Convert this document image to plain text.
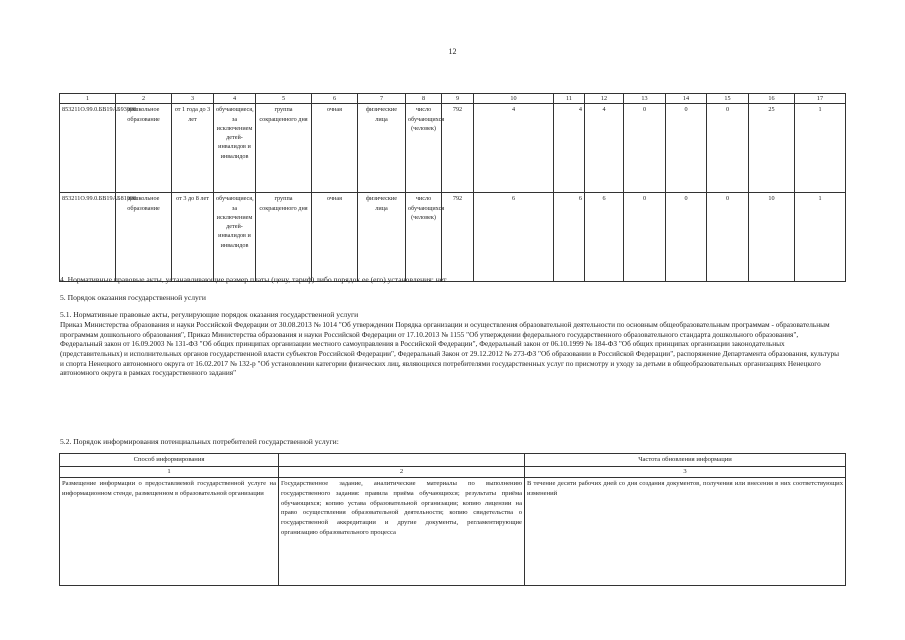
12
1	2	3	4	5	6	7	8	9	10	11	12	13	14	15	16	17
853211О.99.0.БВ19АБ93000	дошкольное образование	от 1 года до 3 лет	обучающиеся, за исключением детей-инвалидов и инвалидов	группа сокращенного дня	очная	физические лица	число обучающихся (человек)	792	4	4	4	0	0	0	25	1
853211О.99.0.БВ19АБ81000	дошкольное образование	от 3 до 8 лет	обучающиеся, за исключением детей-инвалидов и инвалидов	группа сокращенного дня	очная	физические лица	число обучающихся (человек)	792	6	6	6	0	0	0	10	1
4. Нормативные правовые акты, устанавливающие размер платы (цену, тариф) либо порядок ее (его) установления: нет
5. Порядок оказания государственной услуги
5.1. Нормативные правовые акты, регулирующие порядок оказания государственной услуги
Приказ Министерства образования и науки Российской Федерации от 30.08.2013 № 1014 "Об утверждении Порядка организации и осуществления образовательной деятельности по основным общеобразовательным программам - образовательным программам дошкольного образования", Приказ Министерства образования и науки Российской Федерации от 17.10.2013 № 1155 "Об утверждении федерального государственного образовательного стандарта дошкольного образования", Федеральный закон от 16.09.2003 № 131-ФЗ "Об общих принципах организации местного самоуправления в Российской Федерации", Федеральный закон от 06.10.1999 № 184-ФЗ "Об общих принципах организации законодательных (представительных) и исполнительных органов государственной власти субъектов Российской Федерации", Федеральный Закон от 29.12.2012 № 273-ФЗ "Об образовании в Российской Федерации", распоряжение Департамента образования, культуры и спорта Ненецкого автономного округа от 16.02.2017 № 132-р "Об установлении категории физических лиц, являющихся потребителями государственных услуг по присмотру и уходу за детьми в общеобразовательных организациях Ненецкого автономного округа в рамках государственного задания"
5.2. Порядок информирования потенциальных потребителей государственной услуги:
Способ информирования		Частота обновления информации
1	2	3
Размещение информации о предоставляемой государственной услуге на информационном стенде, размещенном в образовательной организации	Государственное задание, аналитические материалы по выполнению государственного задания: правила приёма обучающихся; результаты приёма обучающихся; копию устава образовательной организации; копию лицензии на право осуществления образовательной деятельности; копию свидетельства о государственной аккредитации и другие документы, регламентирующие организацию образовательного процесса	В течение десяти рабочих дней со дня создания документов, получения или внесения в них соответствующих изменений
